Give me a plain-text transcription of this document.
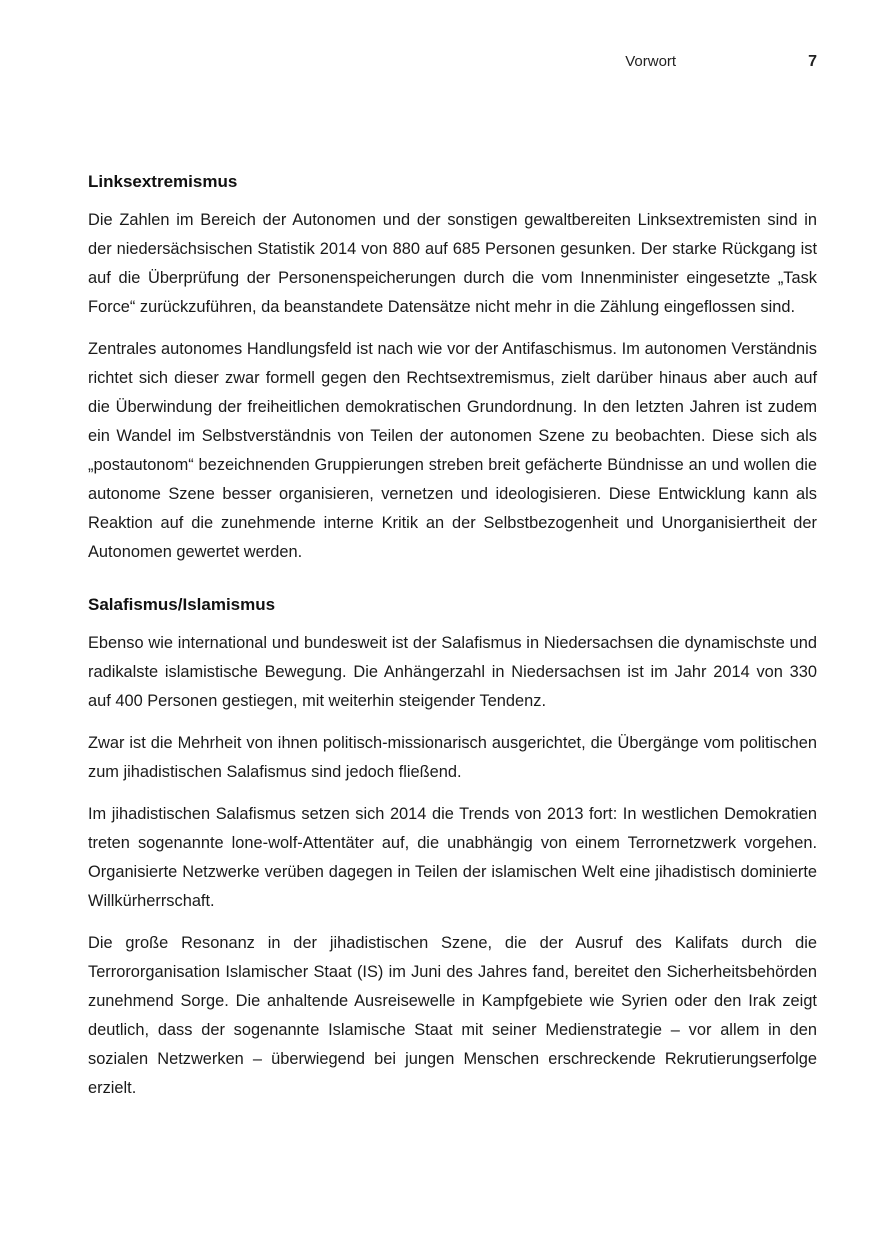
Vorwort	7
Linksextremismus

Die Zahlen im Bereich der Autonomen und der sonstigen gewaltbereiten Linksextremisten sind in der niedersächsischen Statistik 2014 von 880 auf 685 Personen gesunken. Der starke Rückgang ist auf die Überprüfung der Personenspeicherungen durch die vom Innenminister eingesetzte „Task Force“ zurückzuführen, da beanstandete Datensätze nicht mehr in die Zählung eingeflossen sind.

Zentrales autonomes Handlungsfeld ist nach wie vor der Antifaschismus. Im autonomen Verständnis richtet sich dieser zwar formell gegen den Rechtsextremismus, zielt darüber hinaus aber auch auf die Überwindung der freiheitlichen demokratischen Grundordnung. In den letzten Jahren ist zudem ein Wandel im Selbstverständnis von Teilen der autonomen Szene zu beobachten. Diese sich als „postautonom“ bezeichnenden Gruppierungen streben breit gefächerte Bündnisse an und wollen die autonome Szene besser organisieren, vernetzen und ideologisieren. Diese Entwicklung kann als Reaktion auf die zunehmende interne Kritik an der Selbstbezogenheit und Unorganisiertheit der Autonomen gewertet werden.

Salafismus/Islamismus

Ebenso wie international und bundesweit ist der Salafismus in Niedersachsen die dynamischste und radikalste islamistische Bewegung. Die Anhängerzahl in Niedersachsen ist im Jahr 2014 von 330 auf 400 Personen gestiegen, mit weiterhin steigender Tendenz.

Zwar ist die Mehrheit von ihnen politisch-missionarisch ausgerichtet, die Übergänge vom politischen zum jihadistischen Salafismus sind jedoch fließend.

Im jihadistischen Salafismus setzen sich 2014 die Trends von 2013 fort: In westlichen Demokratien treten sogenannte lone-wolf-Attentäter auf, die unabhängig von einem Terrornetzwerk vorgehen. Organisierte Netzwerke verüben dagegen in Teilen der islamischen Welt eine jihadistisch dominierte Willkürherrschaft.

Die große Resonanz in der jihadistischen Szene, die der Ausruf des Kalifats durch die Terrororganisation Islamischer Staat (IS) im Juni des Jahres fand, bereitet den Sicherheitsbehörden zunehmend Sorge. Die anhaltende Ausreisewelle in Kampfgebiete wie Syrien oder den Irak zeigt deutlich, dass der sogenannte Islamische Staat mit seiner Medienstrategie – vor allem in den sozialen Netzwerken – überwiegend bei jungen Menschen erschreckende Rekrutierungserfolge erzielt.
